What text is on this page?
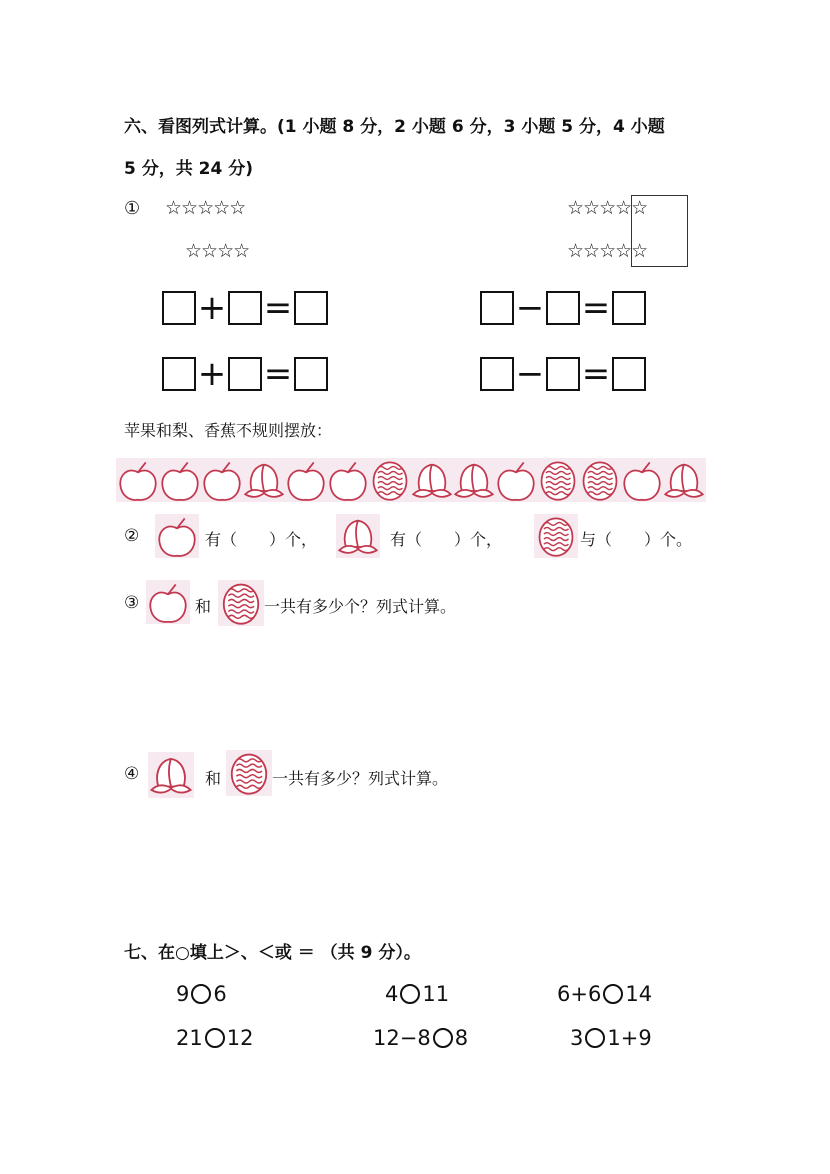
六、看图列式计算。(1 小题 8 分，2 小题 6 分，3 小题 5 分，4 小题
5 分，共 24 分)
① ☆☆☆☆☆
☆☆☆☆
☆☆☆☆☆
☆☆☆☆☆
+ =
+ =
− =
− =
苹果和梨、香蕉不规则摆放：
②	有（　　）个，	有（　　）个，	与（　　）个。
③	和	一共有多少个？列式计算。
④	和	一共有多少？列式计算。
七、在○填上＞、＜或 ＝ （共 9 分）。
9 6	4 11	6+6 14
21 12	12−8 8	3 1+9
